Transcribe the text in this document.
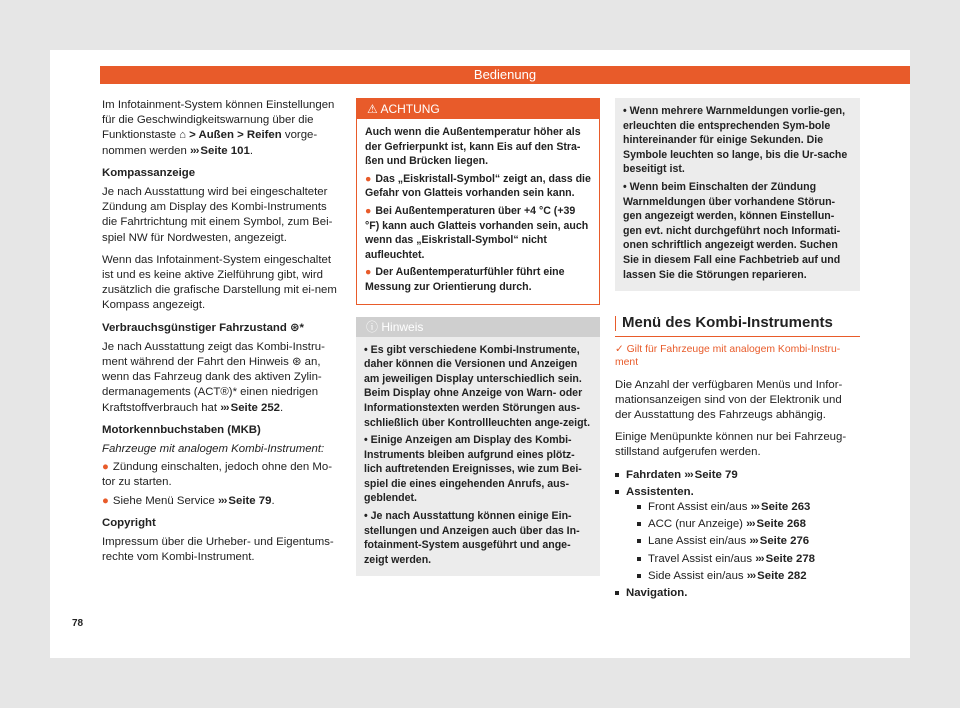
Bedienung

Im Infotainment-System können Einstellungen für die Geschwindigkeitswarnung über die Funktionstaste ⌂ > Außen > Reifen vorge-nommen werden ››› Seite 101.

Kompassanzeige

Je nach Ausstattung wird bei eingeschalteter Zündung am Display des Kombi-Instruments die Fahrtrichtung mit einem Symbol, zum Bei-spiel NW für Nordwesten, angezeigt.

Wenn das Infotainment-System eingeschaltet ist und es keine aktive Zielführung gibt, wird zusätzlich die grafische Darstellung mit ei-nem Kompass angezeigt.

Verbrauchsgünstiger Fahrzustand ⊛*

Je nach Ausstattung zeigt das Kombi-Instru-ment während der Fahrt den Hinweis ⊛ an, wenn das Fahrzeug dank des aktiven Zylin-dermanagements (ACT®)* einen niedrigen Kraftstoffverbrauch hat ››› Seite 252.

Motorkennbuchstaben (MKB)

Fahrzeuge mit analogem Kombi-Instrument:

● Zündung einschalten, jedoch ohne den Mo-tor zu starten.

● Siehe Menü Service ››› Seite 79.

Copyright

Impressum über die Urheber- und Eigentums-rechte vom Kombi-Instrument.

⚠ ACHTUNG

Auch wenn die Außentemperatur höher als der Gefrierpunkt ist, kann Eis auf den Stra-ßen und Brücken liegen.

● Das „Eiskristall-Symbol“ zeigt an, dass die Gefahr von Glatteis vorhanden sein kann.

● Bei Außentemperaturen über +4 °C (+39 °F) kann auch Glatteis vorhanden sein, auch wenn das „Eiskristall-Symbol“ nicht aufleuchtet.

● Der Außentemperaturfühler führt eine Messung zur Orientierung durch.

ⓘ Hinweis

• Es gibt verschiedene Kombi-Instrumente, daher können die Versionen und Anzeigen am jeweiligen Display unterschiedlich sein. Beim Display ohne Anzeige von Warn- oder Informationstexten werden Störungen aus-schließlich über Kontrollleuchten ange-zeigt.

• Einige Anzeigen am Display des Kombi-Instruments bleiben aufgrund eines plötz-lich auftretenden Ereignisses, wie zum Bei-spiel die eines eingehenden Anrufs, aus-geblendet.

• Je nach Ausstattung können einige Ein-stellungen und Anzeigen auch über das In-fotainment-System ausgeführt und ange-zeigt werden.

• Wenn mehrere Warnmeldungen vorlie-gen, erleuchten die entsprechenden Sym-bole hintereinander für einige Sekunden. Die Symbole leuchten so lange, bis die Ur-sache beseitigt ist.

• Wenn beim Einschalten der Zündung Warnmeldungen über vorhandene Störun-gen angezeigt werden, können Einstellun-gen evt. nicht durchgeführt noch Informati-onen schriftlich angezeigt werden. Suchen Sie in diesem Fall eine Fachbetrieb auf und lassen Sie die Störungen reparieren.

Menü des Kombi-Instruments
✓ Gilt für Fahrzeuge mit analogem Kombi-Instru-ment

Die Anzahl der verfügbaren Menüs und Infor-mationsanzeigen sind von der Elektronik und der Ausstattung des Fahrzeugs abhängig.

Einige Menüpunkte können nur bei Fahrzeug-stillstand aufgerufen werden.

Fahrdaten ››› Seite 79
Assistenten.
Front Assist ein/aus ››› Seite 263
ACC (nur Anzeige) ››› Seite 268
Lane Assist ein/aus ››› Seite 276
Travel Assist ein/aus ››› Seite 278
Side Assist ein/aus ››› Seite 282
Navigation.
78
